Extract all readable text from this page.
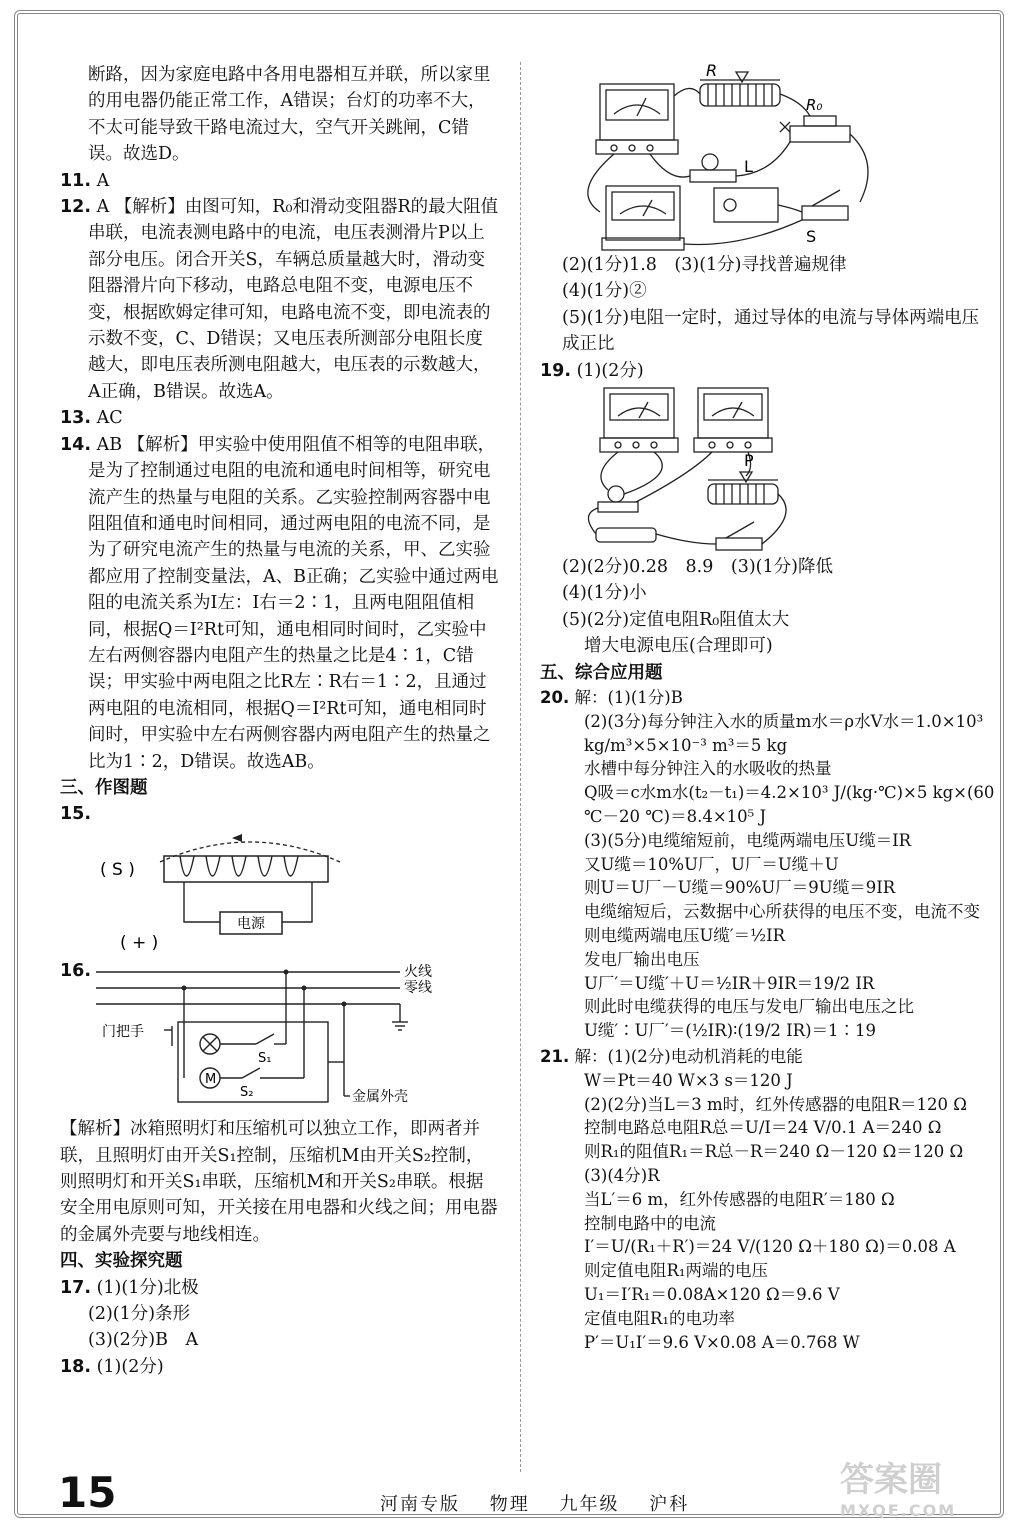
断路，因为家庭电路中各用电器相互并联，所以家里的用电器仍能正常工作，A错误；台灯的功率不大，不太可能导致干路电流过大，空气开关跳闸，C错误。故选D。

11. A

12. A 【解析】由图可知，R₀和滑动变阻器R的最大阻值串联，电流表测电路中的电流，电压表测滑片P以上部分电压。闭合开关S，车辆总质量越大时，滑动变阻器滑片向下移动，电路总电阻不变，电源电压不变，根据欧姆定律可知，电路电流不变，即电流表的示数不变，C、D错误；又电压表所测部分电阻长度越大，即电压表所测电阻越大，电压表的示数越大，A正确，B错误。故选A。

13. AC

14. AB 【解析】甲实验中使用阻值不相等的电阻串联，是为了控制通过电阻的电流和通电时间相等，研究电流产生的热量与电阻的关系。乙实验控制两容器中电阻阻值和通电时间相同，通过两电阻的电流不同，是为了研究电流产生的热量与电流的关系，甲、乙实验都应用了控制变量法，A、B正确；乙实验中通过两电阻的电流关系为I左：I右＝2∶1，且两电阻阻值相同，根据Q＝I²Rt可知，通电相同时间时，乙实验中左右两侧容器内电阻产生的热量之比是4∶1，C错误；甲实验中两电阻之比R左∶R右＝1∶2，且通过两电阻的电流相同，根据Q＝I²Rt可知，通电相同时间时，甲实验中左右两侧容器内两电阻产生的热量之比为1∶2，D错误。故选AB。

三、作图题

15.

电源
( S )
( + )

16.	火线
零线
门把手
M
S₁
S₂	金属外壳

【解析】冰箱照明灯和压缩机可以独立工作，即两者并联，且照明灯由开关S₁控制，压缩机M由开关S₂控制，则照明灯和开关S₁串联，压缩机M和开关S₂串联。根据安全用电原则可知，开关接在用电器和火线之间；用电器的金属外壳要与地线相连。

四、实验探究题

17. (1)(1分)北极

(2)(1分)条形

(3)(2分)B　A

18. (1)(2分)

R
R₀
L
S

(2)(1分)1.8　(3)(1分)寻找普遍规律

(4)(1分)②

(5)(1分)电阻一定时，通过导体的电流与导体两端电压成正比

19. (1)(2分)

P

(2)(2分)0.28　8.9　(3)(1分)降低

(4)(1分)小

(5)(2分)定值电阻R₀阻值太大

增大电源电压(合理即可)

五、综合应用题

20. 解：(1)(1分)B

(2)(3分)每分钟注入水的质量m水＝ρ水V水＝1.0×10³ kg/m³×5×10⁻³ m³＝5 kg

水槽中每分钟注入的水吸收的热量

Q吸＝c水m水(t₂－t₁)＝4.2×10³ J/(kg·℃)×5 kg×(60 ℃－20 ℃)＝8.4×10⁵ J

(3)(5分)电缆缩短前，电缆两端电压U缆＝IR

又U缆＝10%U厂，U厂＝U缆＋U

则U＝U厂－U缆＝90%U厂＝9U缆＝9IR

电缆缩短后，云数据中心所获得的电压不变，电流不变

则电缆两端电压U缆′＝½IR

发电厂输出电压

U厂′＝U缆′＋U＝½IR＋9IR＝19/2 IR

则此时电缆获得的电压与发电厂输出电压之比

U缆′∶U厂′＝(½IR)∶(19/2 IR)＝1∶19

21. 解：(1)(2分)电动机消耗的电能

W＝Pt＝40 W×3 s＝120 J

(2)(2分)当L＝3 m时，红外传感器的电阻R＝120 Ω

控制电路总电阻R总＝U/I＝24 V/0.1 A＝240 Ω

则R₁的阻值R₁＝R总－R＝240 Ω－120 Ω＝120 Ω

(3)(4分)R

当L′＝6 m，红外传感器的电阻R′＝180 Ω

控制电路中的电流

I′＝U/(R₁＋R′)＝24 V/(120 Ω＋180 Ω)＝0.08 A

则定值电阻R₁两端的电压

U₁＝I′R₁＝0.08A×120 Ω＝9.6 V

定值电阻R₁的电功率

P′＝U₁I′＝9.6 V×0.08 A＝0.768 W

15	河南专版 物理 九年级 沪科
答案圈
MXQE.COM
